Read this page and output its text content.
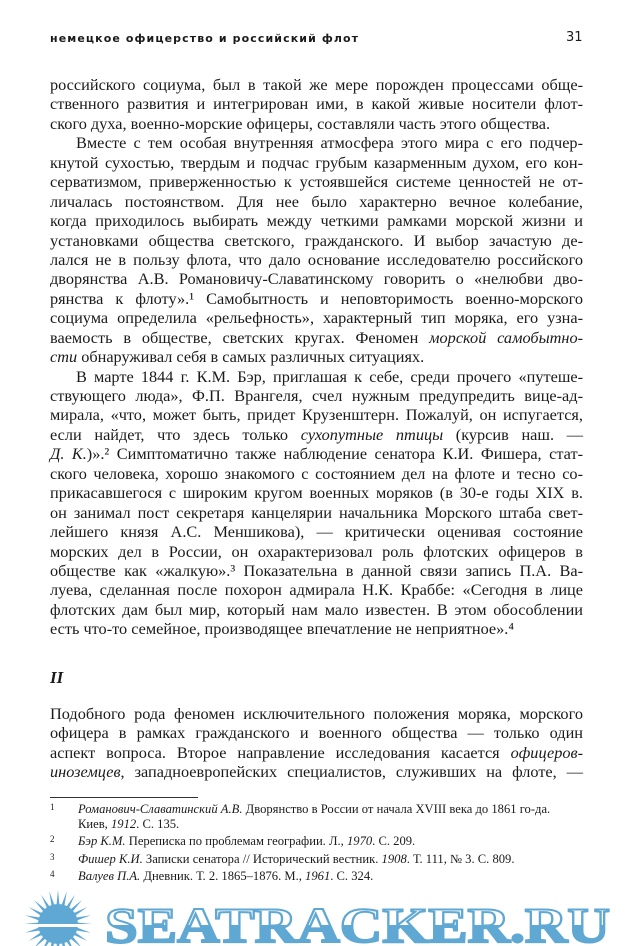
немецкое офицерство и российский флот	31
российского социума, был в такой же мере порожден процессами обще-
ственного развития и интегрирован ими, в какой живые носители флот-
ского духа, военно-морские офицеры, составляли часть этого общества.
Вместе с тем особая внутренняя атмосфера этого мира с его подчер-
кнутой сухостью, твердым и подчас грубым казарменным духом, его кон-
серватизмом, приверженностью к устоявшейся системе ценностей не от-
личалась постоянством. Для нее было характерно вечное колебание,
когда приходилось выбирать между четкими рамками морской жизни и
установками общества светского, гражданского. И выбор зачастую де-
лался не в пользу флота, что дало основание исследователю российского
дворянства А.В. Романовичу-Славатинскому говорить о «нелюбви дво-
рянства к флоту».¹ Самобытность и неповторимость военно-морского
социума определила «рельефность», характерный тип моряка, его узна-
ваемость в обществе, светских кругах. Феномен морской самобытно-
сти обнаруживал себя в самых различных ситуациях.
В марте 1844 г. К.М. Бэр, приглашая к себе, среди прочего «путеше-
ствующего люда», Ф.П. Врангеля, счел нужным предупредить вице-ад-
мирала, «что, может быть, придет Крузенштерн. Пожалуй, он испугается,
если найдет, что здесь только сухопутные птицы (курсив наш. —
Д. К.)».² Симптоматично также наблюдение сенатора К.И. Фишера, стат-
ского человека, хорошо знакомого с состоянием дел на флоте и тесно со-
прикасавшегося с широким кругом военных моряков (в 30-е годы XIX в.
он занимал пост секретаря канцелярии начальника Морского штаба свет-
лейшего князя А.С. Меншикова), — критически оценивая состояние
морских дел в России, он охарактеризовал роль флотских офицеров в
обществе как «жалкую».³ Показательна в данной связи запись П.А. Ва-
луева, сделанная после похорон адмирала Н.К. Краббе: «Сегодня в лице
флотских дам был мир, который нам мало известен. В этом обособлении
есть что-то семейное, производящее впечатление не неприятное».⁴
II
Подобного рода феномен исключительного положения моряка, морского
офицера в рамках гражданского и военного общества — только один
аспект вопроса. Второе направление исследования касается офицеров-
иноземцев, западноевропейских специалистов, служивших на флоте, —
1 Романович-Славатинский А.В. Дворянство в России от начала XVIII века до 1861 го-да. Киев, 1912. С. 135.
2 Бэр К.М. Переписка по проблемам географии. Л., 1970. С. 209.
3 Фишер К.И. Записки сенатора // Исторический вестник. 1908. Т. 111, № 3. С. 809.
4 Валуев П.А. Дневник. Т. 2. 1865–1876. М., 1961. С. 324.
SEATRACKER.RU
